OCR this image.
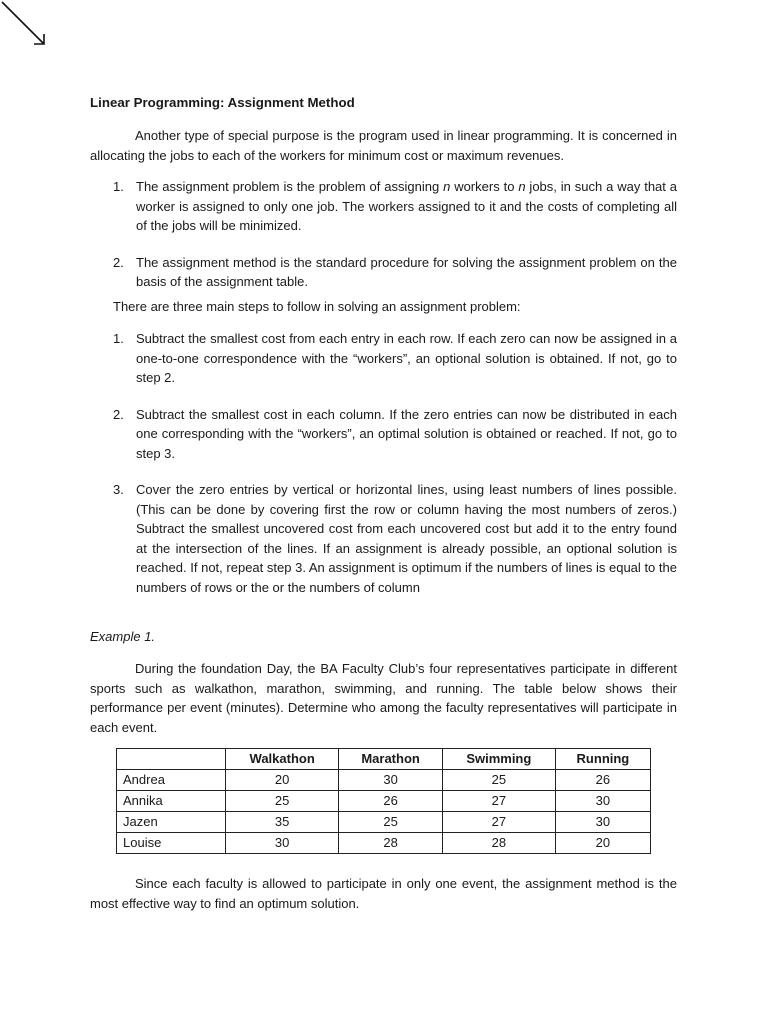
Linear Programming: Assignment Method

Another type of special purpose is the program used in linear programming. It is concerned in allocating the jobs to each of the workers for minimum cost or maximum revenues.

1. The assignment problem is the problem of assigning n workers to n jobs, in such a way that a worker is assigned to only one job. The workers assigned to it and the costs of completing all of the jobs will be minimized.
2. The assignment method is the standard procedure for solving the assignment problem on the basis of the assignment table.

There are three main steps to follow in solving an assignment problem:

1. Subtract the smallest cost from each entry in each row. If each zero can now be assigned in a one-to-one correspondence with the “workers”, an optional solution is obtained. If not, go to step 2.
2. Subtract the smallest cost in each column. If the zero entries can now be distributed in each one corresponding with the “workers”, an optimal solution is obtained or reached. If not, go to step 3.
3. Cover the zero entries by vertical or horizontal lines, using least numbers of lines possible. (This can be done by covering first the row or column having the most numbers of zeros.) Subtract the smallest uncovered cost from each uncovered cost but add it to the entry found at the intersection of the lines. If an assignment is already possible, an optional solution is reached. If not, repeat step 3. An assignment is optimum if the numbers of lines is equal to the numbers of rows or the or the numbers of column

Example 1.

During the foundation Day, the BA Faculty Club’s four representatives participate in different sports such as walkathon, marathon, swimming, and running. The table below shows their performance per event (minutes). Determine who among the faculty representatives will participate in each event.

	Walkathon	Marathon	Swimming	Running
Andrea	20	30	25	26
Annika	25	26	27	30
Jazen	35	25	27	30
Louise	30	28	28	20

Since each faculty is allowed to participate in only one event, the assignment method is the most effective way to find an optimum solution.
